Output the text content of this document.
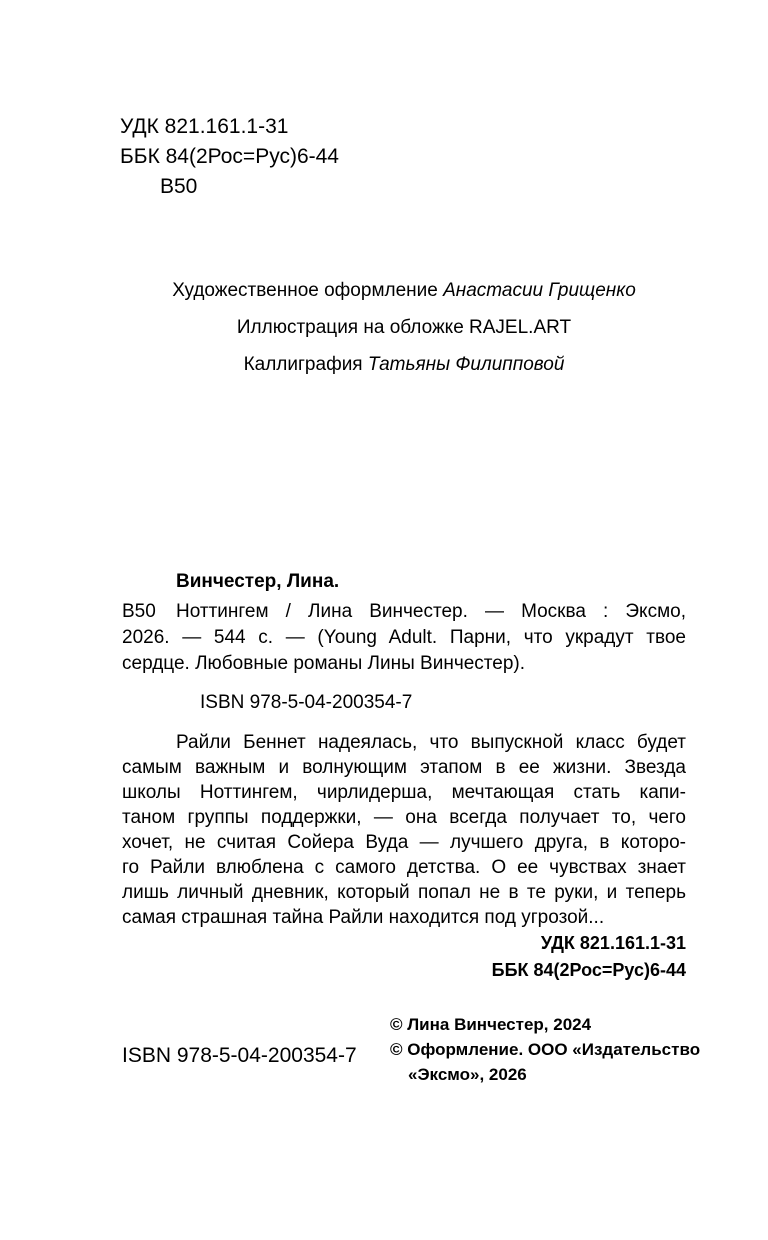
УДК 821.161.1-31
ББК 84(2Рос=Рус)6-44
В50
Художественное оформление Анастасии Грищенко
Иллюстрация на обложке RAJEL.ART
Каллиграфия Татьяны Филипповой
Винчестер, Лина.
В50	Ноттингем / Лина Винчестер. — Москва : Эксмо,
2026. — 544 с. — (Young Adult. Парни, что украдут твое
сердце. Любовные романы Лины Винчестер).
ISBN 978-5-04-200354-7
Райли Беннет надеялась, что выпускной класс будет
самым важным и волнующим этапом в ее жизни. Звезда
школы Ноттингем, чирлидерша, мечтающая стать капи-
таном группы поддержки, — она всегда получает то, чего
хочет, не считая Сойера Вуда — лучшего друга, в которо-
го Райли влюблена с самого детства. О ее чувствах знает
лишь личный дневник, который попал не в те руки, и теперь
самая страшная тайна Райли находится под угрозой...
УДК 821.161.1-31
ББК 84(2Рос=Рус)6-44
© Лина Винчестер, 2024
© Оформление. ООО «Издательство
«Эксмо», 2026
ISBN 978-5-04-200354-7
